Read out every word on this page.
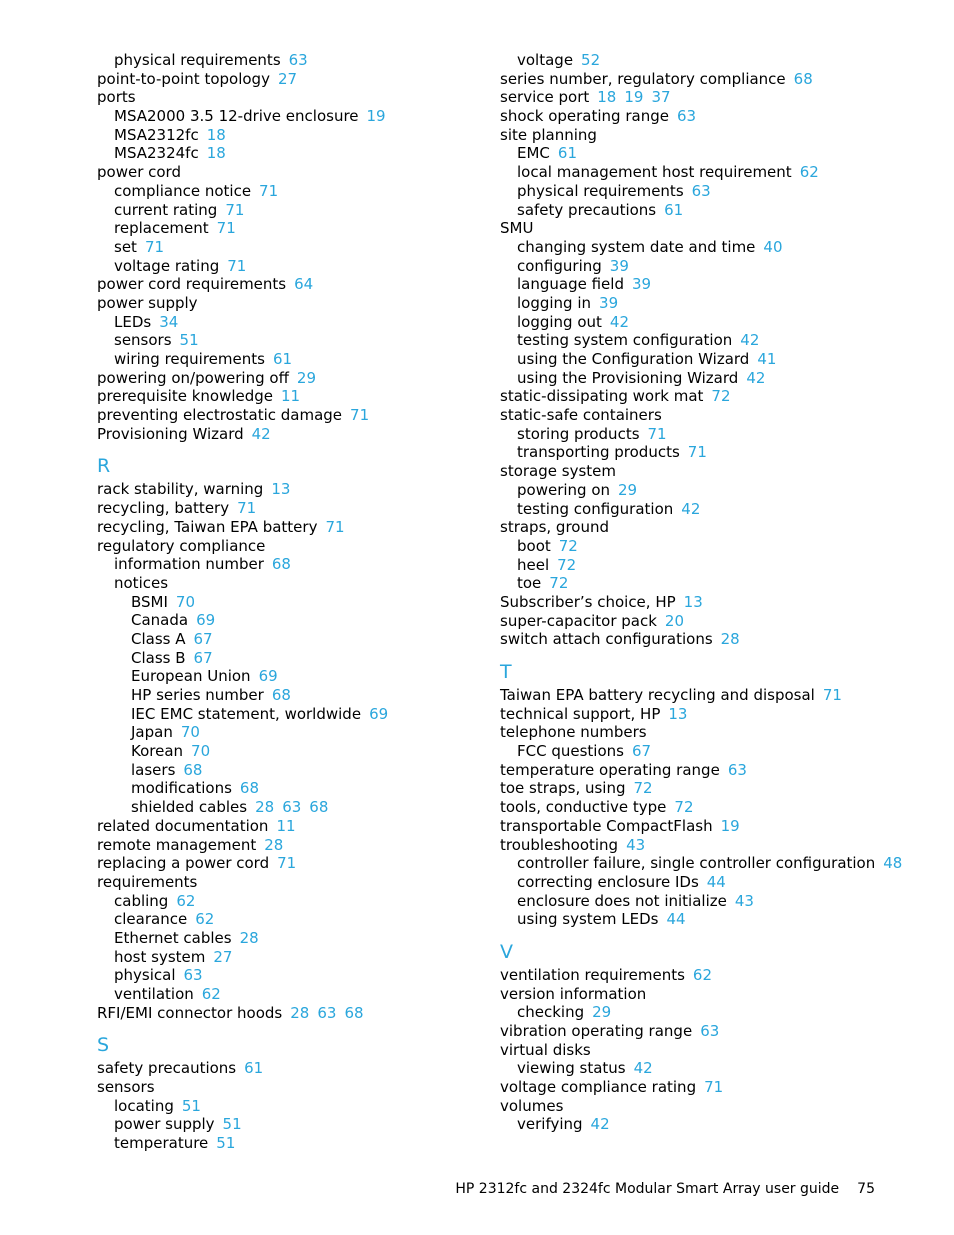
physical requirements 63
point-to-point topology 27
ports
MSA2000 3.5 12-drive enclosure 19
MSA2312fc 18
MSA2324fc 18
power cord
compliance notice 71
current rating 71
replacement 71
set 71
voltage rating 71
power cord requirements 64
power supply
LEDs 34
sensors 51
wiring requirements 61
powering on/powering off 29
prerequisite knowledge 11
preventing electrostatic damage 71
Provisioning Wizard 42
R
rack stability, warning 13
recycling, battery 71
recycling, Taiwan EPA battery 71
regulatory compliance
information number 68
notices
BSMI 70
Canada 69
Class A 67
Class B 67
European Union 69
HP series number 68
IEC EMC statement, worldwide 69
Japan 70
Korean 70
lasers 68
modifications 68
shielded cables 28 63 68
related documentation 11
remote management 28
replacing a power cord 71
requirements
cabling 62
clearance 62
Ethernet cables 28
host system 27
physical 63
ventilation 62
RFI/EMI connector hoods 28 63 68
S
safety precautions 61
sensors
locating 51
power supply 51
temperature 51
voltage 52
series number, regulatory compliance 68
service port 18 19 37
shock operating range 63
site planning
EMC 61
local management host requirement 62
physical requirements 63
safety precautions 61
SMU
changing system date and time 40
configuring 39
language field 39
logging in 39
logging out 42
testing system configuration 42
using the Configuration Wizard 41
using the Provisioning Wizard 42
static-dissipating work mat 72
static-safe containers
storing products 71
transporting products 71
storage system
powering on 29
testing configuration 42
straps, ground
boot 72
heel 72
toe 72
Subscriber’s choice, HP 13
super-capacitor pack 20
switch attach configurations 28
T
Taiwan EPA battery recycling and disposal 71
technical support, HP 13
telephone numbers
FCC questions 67
temperature operating range 63
toe straps, using 72
tools, conductive type 72
transportable CompactFlash 19
troubleshooting 43
controller failure, single controller configuration 48
correcting enclosure IDs 44
enclosure does not initialize 43
using system LEDs 44
V
ventilation requirements 62
version information
checking 29
vibration operating range 63
virtual disks
viewing status 42
voltage compliance rating 71
volumes
verifying 42
HP 2312fc and 2324fc Modular Smart Array user guide 75
